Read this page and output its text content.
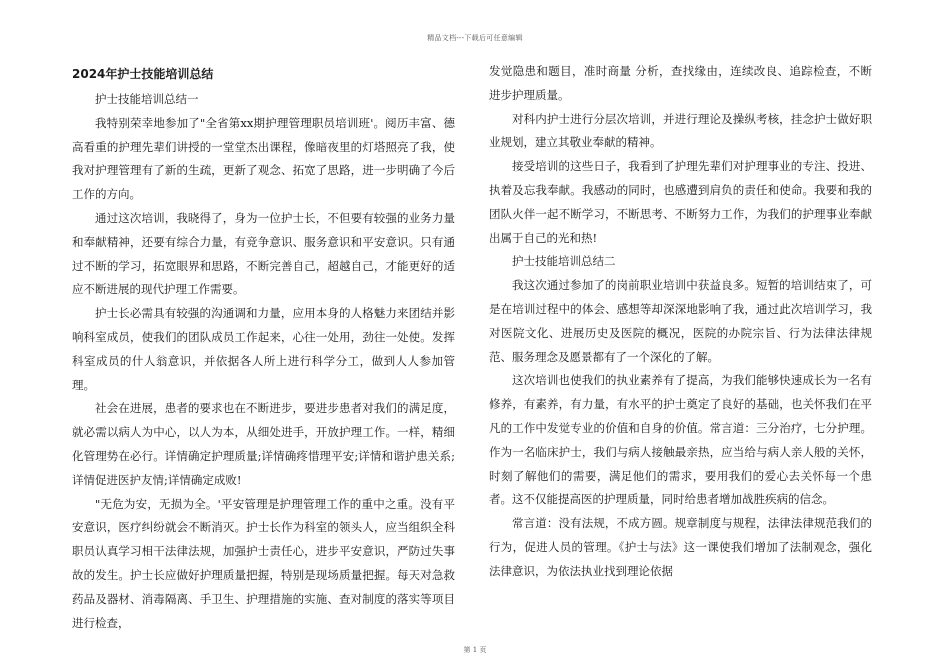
精品文档---下载后可任意编辑
2024年护士技能培训总结

护士技能培训总结一

我特别荣幸地参加了"全省第xx期护理管理职员培训班'。阅历丰富、德高看重的护理先辈们讲授的一堂堂杰出课程，像暗夜里的灯塔照亮了我，使我对护理管理有了新的生疏，更新了观念、拓宽了思路，进一步明确了今后工作的方向。

通过这次培训，我晓得了，身为一位护士长，不但要有较强的业务力量和奉献精神，还要有综合力量，有竞争意识、服务意识和平安意识。只有通过不断的学习，拓宽眼界和思路，不断完善自己，超越自己，才能更好的适应不断进展的现代护理工作需要。

护士长必需具有较强的沟通调和力量，应用本身的人格魅力来团结并影响科室成员，使我们的团队成员工作起来，心往一处用，劲往一处使。发挥科室成员的什人翁意识，并依据各人所上进行科学分工，做到人人参加管理。

社会在进展，患者的要求也在不断进步，要进步患者对我们的满足度，就必需以病人为中心，以人为本，从细处进手，开放护理工作。一样，精细化管理势在必行。详情确定护理质量;详情确疼惜理平安;详情和谐护患关系;详情促进医护友情;详情确定成败!

"无危为安，无损为全。'平安管理是护理管理工作的重中之重。没有平安意识，医疗纠纷就会不断消灭。护士长作为科室的领头人，应当组织全科职员认真学习相干法律法规，加强护士责任心，进步平安意识，严防过失事故的发生。护士长应做好护理质量把握，特别是现场质量把握。每天对急救药品及器材、消毒隔离、手卫生、护理措施的实施、查对制度的落实等项目进行检查，

发觉隐患和题目，准时商量 分析，查找缘由，连续改良、追踪检查，不断进步护理质量。

对科内护士进行分层次培训，并进行理论及操纵考核，挂念护士做好职业规划，建立其敬业奉献的精神。

接受培训的这些日子，我看到了护理先辈们对护理事业的专注、投进、执着及忘我奉献。我感动的同时，也感遭到肩负的责任和使命。我要和我的团队火伴一起不断学习，不断思考、不断努力工作，为我们的护理事业奉献出属于自己的光和热!

护士技能培训总结二

我这次通过参加了的岗前职业培训中获益良多。短暂的培训结束了，可是在培训过程中的体会、感想等却深深地影响了我，通过此次培训学习，我对医院文化、进展历史及医院的概况，医院的办院宗旨、行为法律法律规范、服务理念及愿景都有了一个深化的了解。

这次培训也使我们的执业素养有了提高，为我们能够快速成长为一名有修养，有素养，有力量，有水平的护士奠定了良好的基础，也关怀我们在平凡的工作中发觉专业的价值和自身的价值。常言道：三分治疗，七分护理。作为一名临床护士，我们与病人接触最亲热，应当给与病人亲人般的关怀，时刻了解他们的需要，满足他们的需求，要用我们的爱心去关怀每一个患者。这不仅能提高医的护理质量，同时给患者增加战胜疾病的信念。

常言道：没有法规，不成方圆。规章制度与规程，法律法律规范我们的行为，促进人员的管理。《护士与法》这一课使我们增加了法制观念，强化法律意识，为依法执业找到理论依据

第 1 页
